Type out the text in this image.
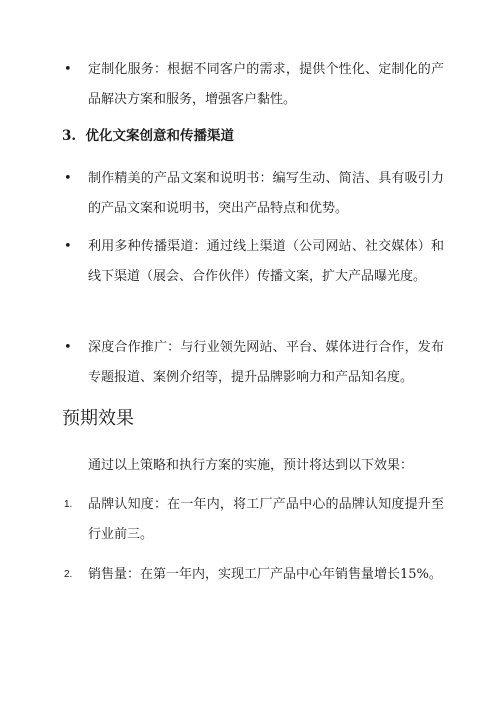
•	定制化服务：根据不同客户的需求，提供个性化、定制化的产品解决方案和服务，增强客户黏性。
3. 优化文案创意和传播渠道
•	制作精美的产品文案和说明书：编写生动、简洁、具有吸引力的产品文案和说明书，突出产品特点和优势。
•	利用多种传播渠道：通过线上渠道（公司网站、社交媒体）和线下渠道（展会、合作伙伴）传播文案，扩大产品曝光度。
•	深度合作推广：与行业领先网站、平台、媒体进行合作，发布专题报道、案例介绍等，提升品牌影响力和产品知名度。
预期效果
通过以上策略和执行方案的实施，预计将达到以下效果：
1.	品牌认知度：在一年内，将工厂产品中心的品牌认知度提升至行业前三。
2.	销售量：在第一年内，实现工厂产品中心年销售量增长15%。
